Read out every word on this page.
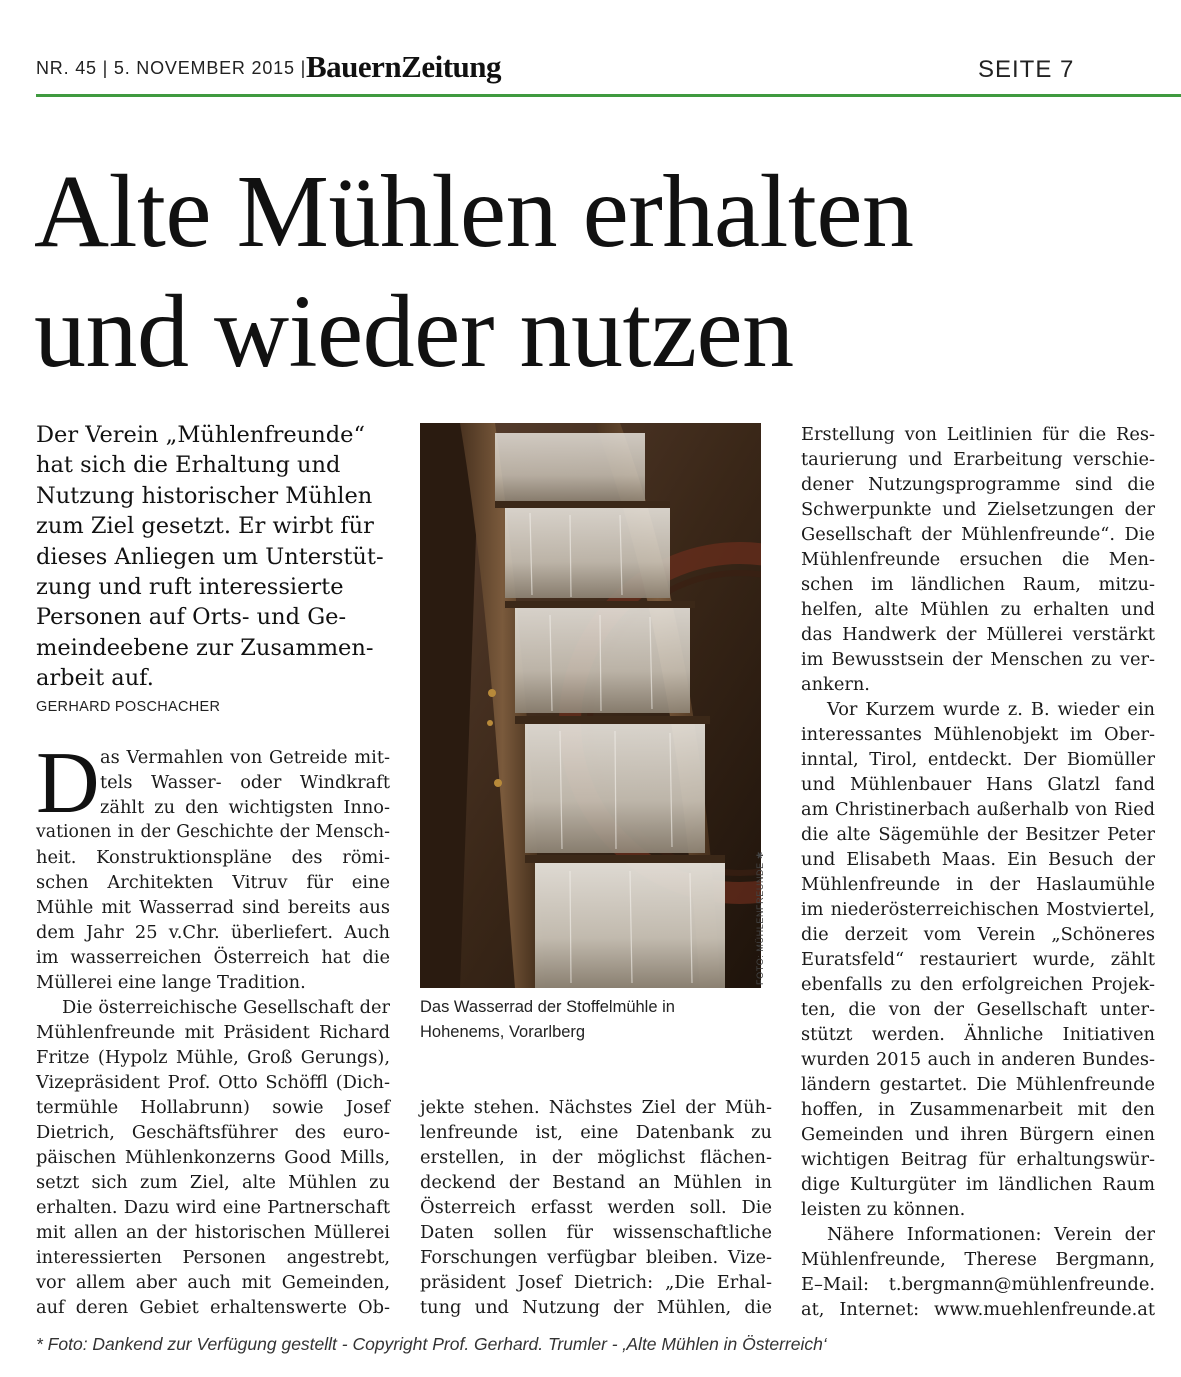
NR. 45 | 5. NOVEMBER 2015 | BauernZeitung	SEITE 7
Alte Mühlen erhalten
und wieder nutzen

Der Verein „Mühlenfreunde“

hat sich die Erhaltung und

Nutzung historischer Mühlen

zum Ziel gesetzt. Er wirbt für

dieses Anliegen um Unterstüt-

zung und ruft interessierte

Personen auf Orts- und Ge-

meindeebene zur Zusammen-

arbeit auf.

GERHARD POSCHACHER
D as Vermahlen von Getreide mit-
tels Wasser- oder Windkraft
zählt zu den wichtigsten Inno-
vationen in der Geschichte der Mensch-
heit. Konstruktionspläne des römi-
schen Architekten Vitruv für eine
Mühle mit Wasserrad sind bereits aus
dem Jahr 25 v.Chr. überliefert. Auch
im wasserreichen Österreich hat die
Müllerei eine lange Tradition.
Die österreichische Gesellschaft der
Mühlenfreunde mit Präsident Richard
Fritze (Hypolz Mühle, Groß Gerungs),
Vizepräsident Prof. Otto Schöffl (Dich-
termühle Hollabrunn) sowie Josef
Dietrich, Geschäftsführer des euro-
päischen Mühlenkonzerns Good Mills,
setzt sich zum Ziel, alte Mühlen zu
erhalten. Dazu wird eine Partnerschaft
mit allen an der historischen Müllerei
interessierten Personen angestrebt,
vor allem aber auch mit Gemeinden,
auf deren Gebiet erhaltenswerte Ob-
FOTO: MÜHLENFREUNDE ✱
Das Wasserrad der Stoffelmühle in
Hohenems, Vorarlberg
jekte stehen. Nächstes Ziel der Müh-
lenfreunde ist, eine Datenbank zu
erstellen, in der möglichst flächen-
deckend der Bestand an Mühlen in
Österreich erfasst werden soll. Die
Daten sollen für wissenschaftliche
Forschungen verfügbar bleiben. Vize-
präsident Josef Dietrich: „Die Erhal-
tung und Nutzung der Mühlen, die
Erstellung von Leitlinien für die Res-
taurierung und Erarbeitung verschie-
dener Nutzungsprogramme sind die
Schwerpunkte und Zielsetzungen der
Gesellschaft der Mühlenfreunde“. Die
Mühlenfreunde ersuchen die Men-
schen im ländlichen Raum, mitzu-
helfen, alte Mühlen zu erhalten und
das Handwerk der Müllerei verstärkt
im Bewusstsein der Menschen zu ver-
ankern.
Vor Kurzem wurde z. B. wieder ein
interessantes Mühlenobjekt im Ober-
inntal, Tirol, entdeckt. Der Biomüller
und Mühlenbauer Hans Glatzl fand
am Christinerbach außerhalb von Ried
die alte Sägemühle der Besitzer Peter
und Elisabeth Maas. Ein Besuch der
Mühlenfreunde in der Haslaumühle
im niederösterreichischen Mostviertel,
die derzeit vom Verein „Schöneres
Euratsfeld“ restauriert wurde, zählt
ebenfalls zu den erfolgreichen Projek-
ten, die von der Gesellschaft unter-
stützt werden. Ähnliche Initiativen
wurden 2015 auch in anderen Bundes-
ländern gestartet. Die Mühlenfreunde
hoffen, in Zusammenarbeit mit den
Gemeinden und ihren Bürgern einen
wichtigen Beitrag für erhaltungswür-
dige Kulturgüter im ländlichen Raum
leisten zu können.
Nähere Informationen: Verein der
Mühlenfreunde, Therese Bergmann,
E–Mail: t.bergmann@mühlenfreunde.
at, Internet: www.muehlenfreunde.at
* Foto: Dankend zur Verfügung gestellt - Copyright Prof. Gerhard. Trumler - ‚Alte Mühlen in Österreich‘
